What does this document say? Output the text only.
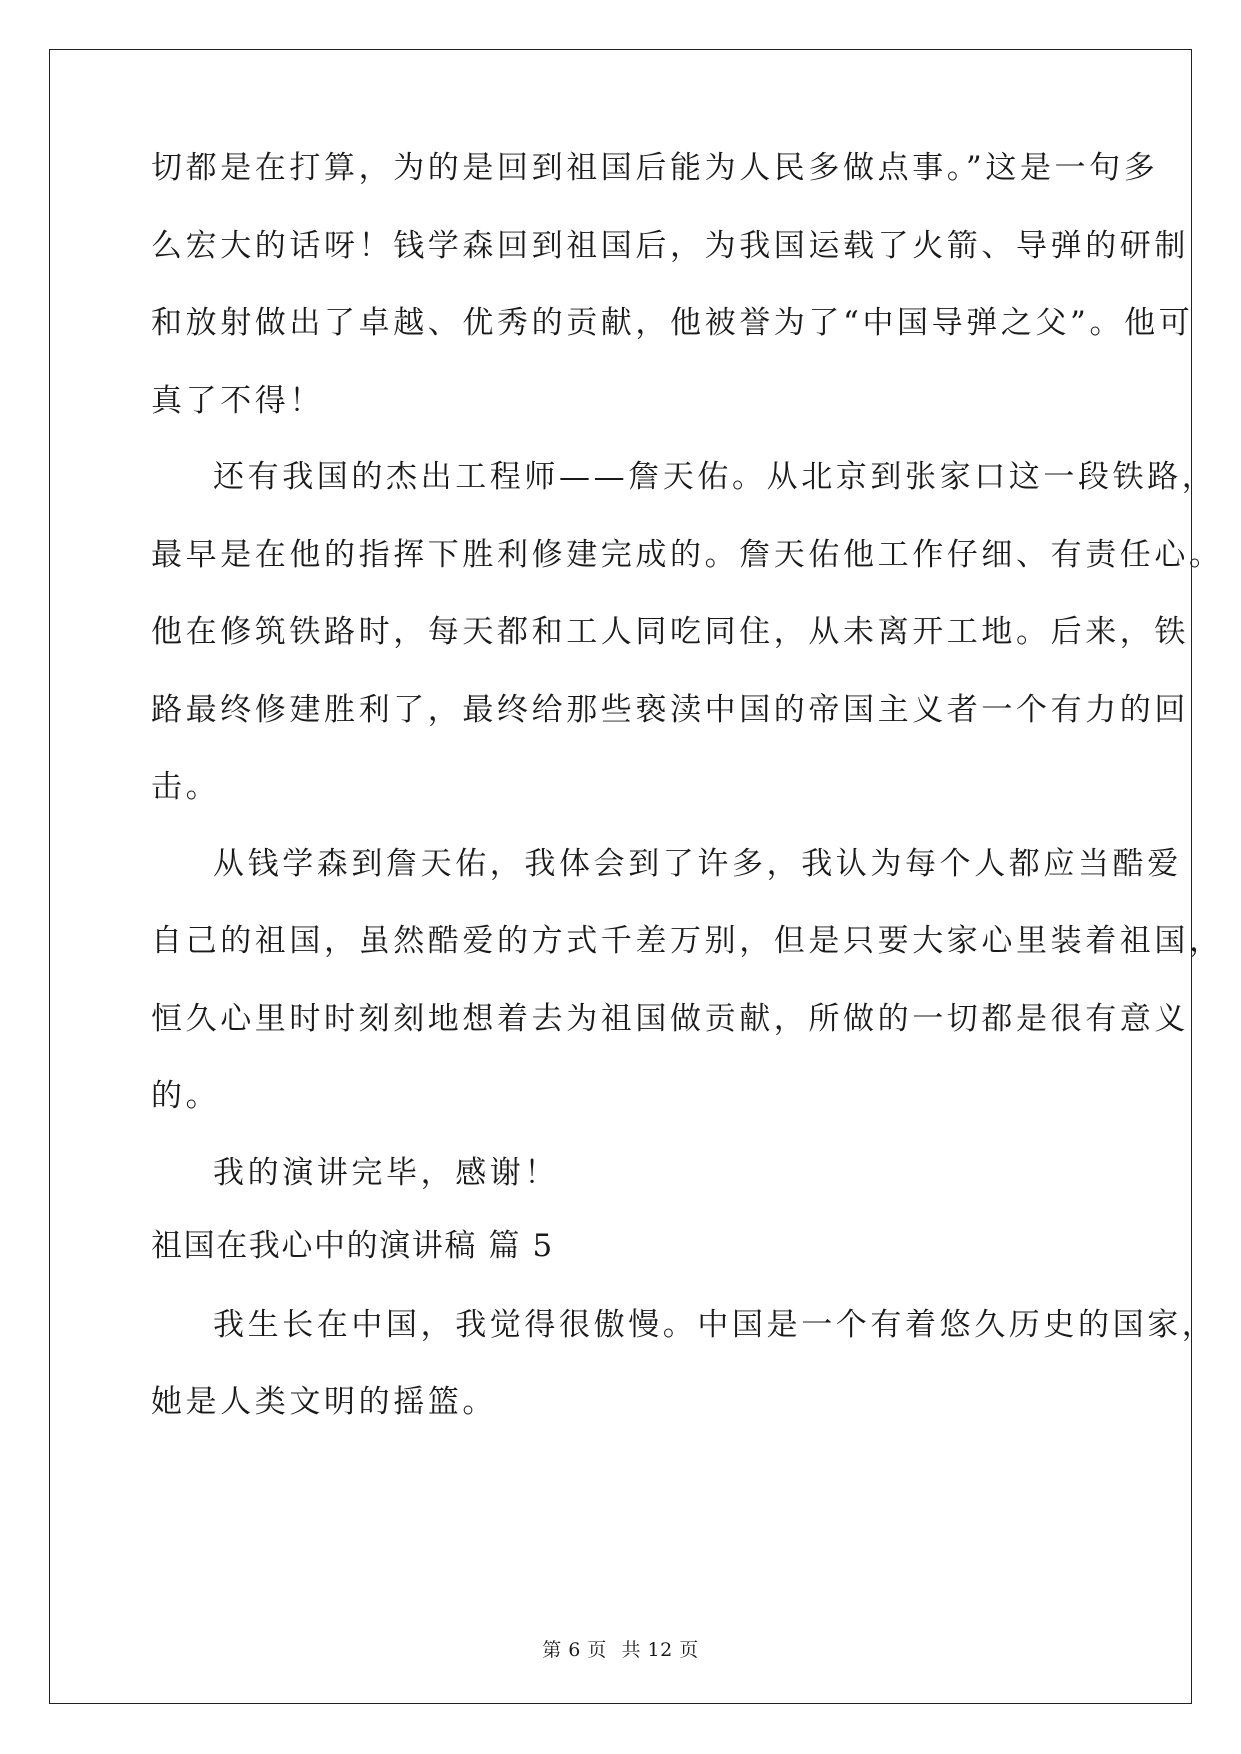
切都是在打算，为的是回到祖国后能为人民多做点事。”这是一句多
么宏大的话呀！钱学森回到祖国后，为我国运载了火箭、导弹的研制
和放射做出了卓越、优秀的贡献，他被誉为了“中国导弹之父”。他可
真了不得！
还有我国的杰出工程师——詹天佑。从北京到张家口这一段铁路，
最早是在他的指挥下胜利修建完成的。詹天佑他工作仔细、有责任心。
他在修筑铁路时，每天都和工人同吃同住，从未离开工地。后来，铁
路最终修建胜利了，最终给那些亵渎中国的帝国主义者一个有力的回
击。
从钱学森到詹天佑，我体会到了许多，我认为每个人都应当酷爱
自己的祖国，虽然酷爱的方式千差万别，但是只要大家心里装着祖国，
恒久心里时时刻刻地想着去为祖国做贡献，所做的一切都是很有意义
的。
我的演讲完毕，感谢！
祖国在我心中的演讲稿 篇 5
我生长在中国，我觉得很傲慢。中国是一个有着悠久历史的国家，
她是人类文明的摇篮。
第 6 页 共 12 页
